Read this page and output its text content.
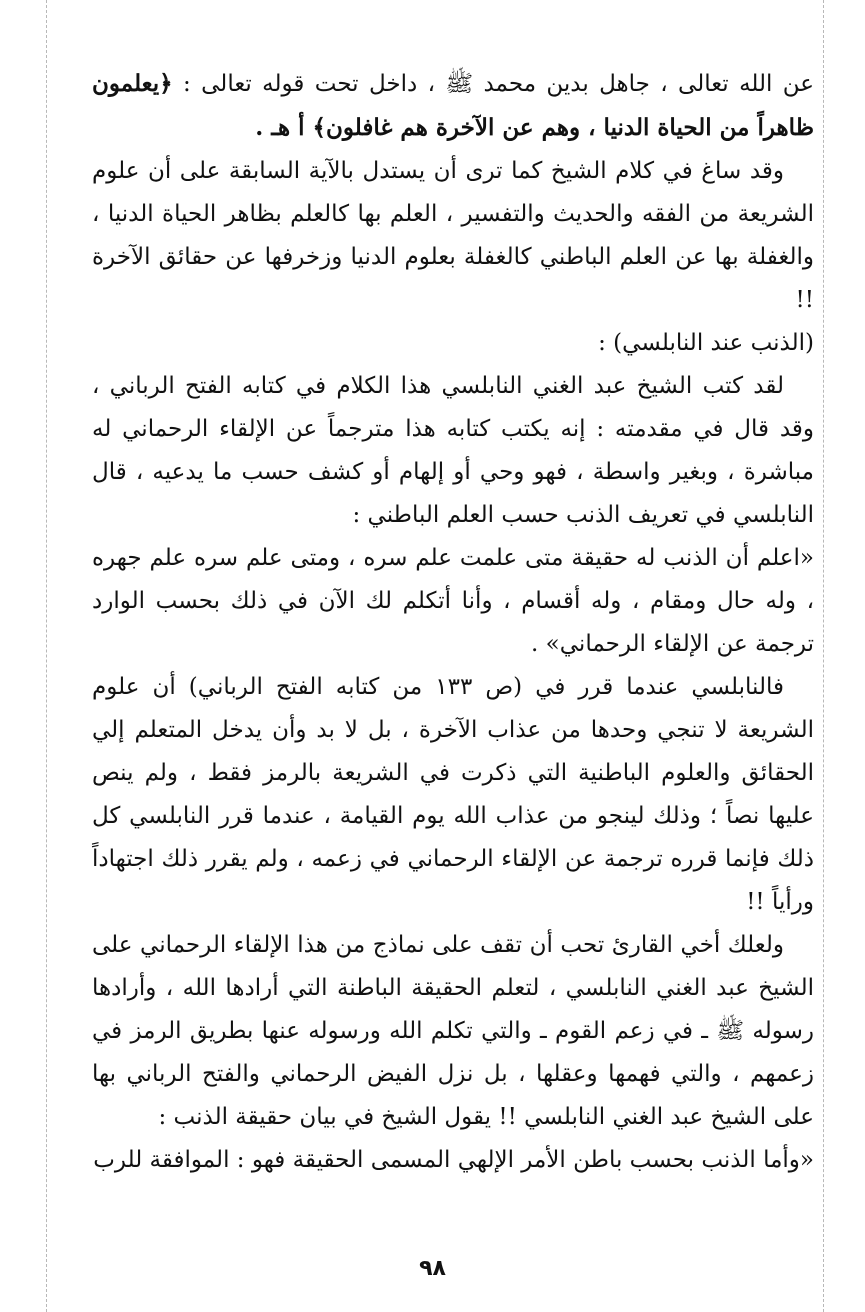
عن الله تعالى ، جاهل بدين محمد ﷺ ، داخل تحت قوله تعالى : ﴿يعلمون ظاهراً من الحياة الدنيا ، وهم عن الآخرة هم غافلون﴾ أ هـ .

وقد ساغ في كلام الشيخ كما ترى أن يستدل بالآية السابقة على أن علوم الشريعة من الفقه والحديث والتفسير ، العلم بها كالعلم بظاهر الحياة الدنيا ، والغفلة بها عن العلم الباطني كالغفلة بعلوم الدنيا وزخرفها عن حقائق الآخرة !!

(الذنب عند النابلسي) :

لقد كتب الشيخ عبد الغني النابلسي هذا الكلام في كتابه الفتح الرباني ، وقد قال في مقدمته : إنه يكتب كتابه هذا مترجماً عن الإلقاء الرحماني له مباشرة ، وبغير واسطة ، فهو وحي أو إلهام أو كشف حسب ما يدعيه ، قال النابلسي في تعريف الذنب حسب العلم الباطني :

«اعلم أن الذنب له حقيقة متى علمت علم سره ، ومتى علم سره علم جهره ، وله حال ومقام ، وله أقسام ، وأنا أتكلم لك الآن في ذلك بحسب الوارد ترجمة عن الإلقاء الرحماني» .

فالنابلسي عندما قرر في (ص ١٣٣ من كتابه الفتح الرباني) أن علوم الشريعة لا تنجي وحدها من عذاب الآخرة ، بل لا بد وأن يدخل المتعلم إلي الحقائق والعلوم الباطنية التي ذكرت في الشريعة بالرمز فقط ، ولم ينص عليها نصاً ؛ وذلك لينجو من عذاب الله يوم القيامة ، عندما قرر النابلسي كل ذلك فإنما قرره ترجمة عن الإلقاء الرحماني في زعمه ، ولم يقرر ذلك اجتهاداً ورأياً !!

ولعلك أخي القارئ تحب أن تقف على نماذج من هذا الإلقاء الرحماني على الشيخ عبد الغني النابلسي ، لتعلم الحقيقة الباطنة التي أرادها الله ، وأرادها رسوله ﷺ ـ في زعم القوم ـ والتي تكلم الله ورسوله عنها بطريق الرمز في زعمهم ، والتي فهمها وعقلها ، بل نزل الفيض الرحماني والفتح الرباني بها على الشيخ عبد الغني النابلسي !! يقول الشيخ في بيان حقيقة الذنب :

«وأما الذنب بحسب باطن الأمر الإلهي المسمى الحقيقة فهو : الموافقة للرب

٩٨
